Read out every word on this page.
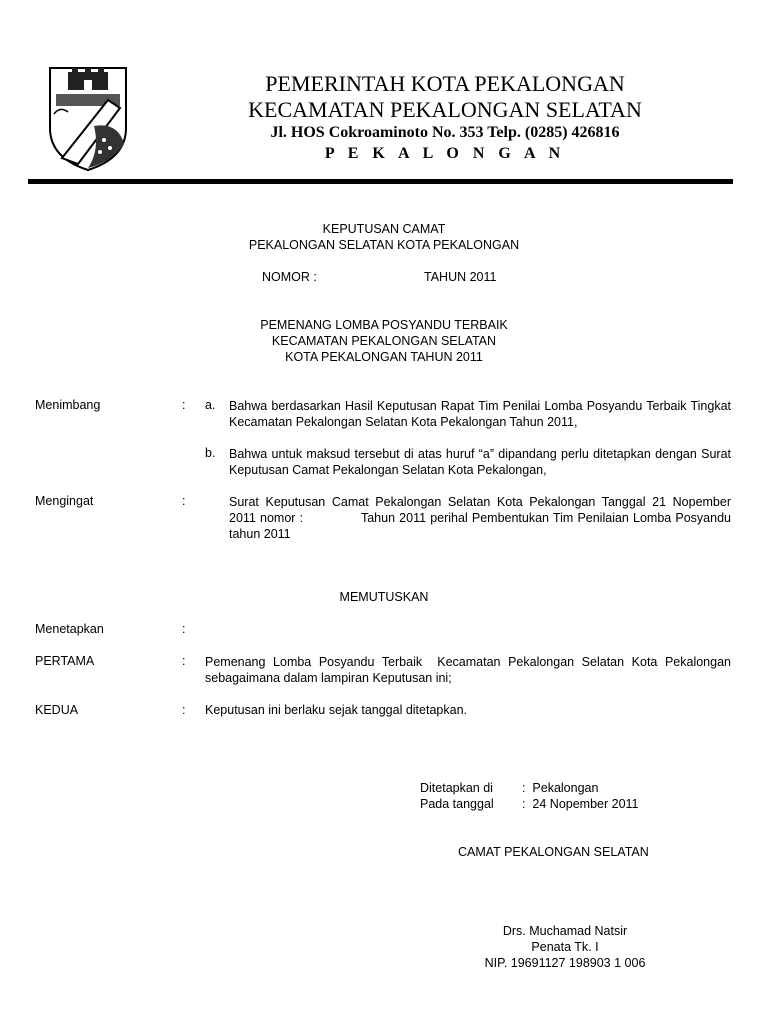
PEMERINTAH KOTA PEKALONGAN
KECAMATAN PEKALONGAN SELATAN
Jl. HOS Cokroaminoto No. 353 Telp. (0285) 426816
P E K A L O N G A N
KEPUTUSAN CAMAT
PEKALONGAN SELATAN KOTA PEKALONGAN
NOMOR :	TAHUN 2011
PEMENANG LOMBA POSYANDU TERBAIK
KECAMATAN PEKALONGAN SELATAN
KOTA PEKALONGAN TAHUN 2011
Menimbang	: a. Bahwa berdasarkan Hasil Keputusan Rapat Tim Penilai Lomba Posyandu Terbaik Tingkat Kecamatan Pekalongan Selatan Kota Pekalongan Tahun 2011,
b. Bahwa untuk maksud tersebut di atas huruf “a” dipandang perlu ditetapkan dengan Surat Keputusan Camat Pekalongan Selatan Kota Pekalongan,
Mengingat	:	Surat Keputusan Camat Pekalongan Selatan Kota Pekalongan Tanggal 21 Nopember 2011 nomor :              Tahun 2011 perihal Pembentukan Tim Penilaian Lomba Posyandu tahun 2011
MEMUTUSKAN
Menetapkan	:
PERTAMA	: Pemenang Lomba Posyandu Terbaik  Kecamatan Pekalongan Selatan Kota Pekalongan sebagaimana dalam lampiran Keputusan ini;
KEDUA	: Keputusan ini berlaku sejak tanggal ditetapkan.
Ditetapkan di :  Pekalongan
Pada tanggal :  24 Nopember 2011
CAMAT PEKALONGAN SELATAN
Drs. Muchamad Natsir
Penata Tk. I
NIP. 19691127 198903 1 006
